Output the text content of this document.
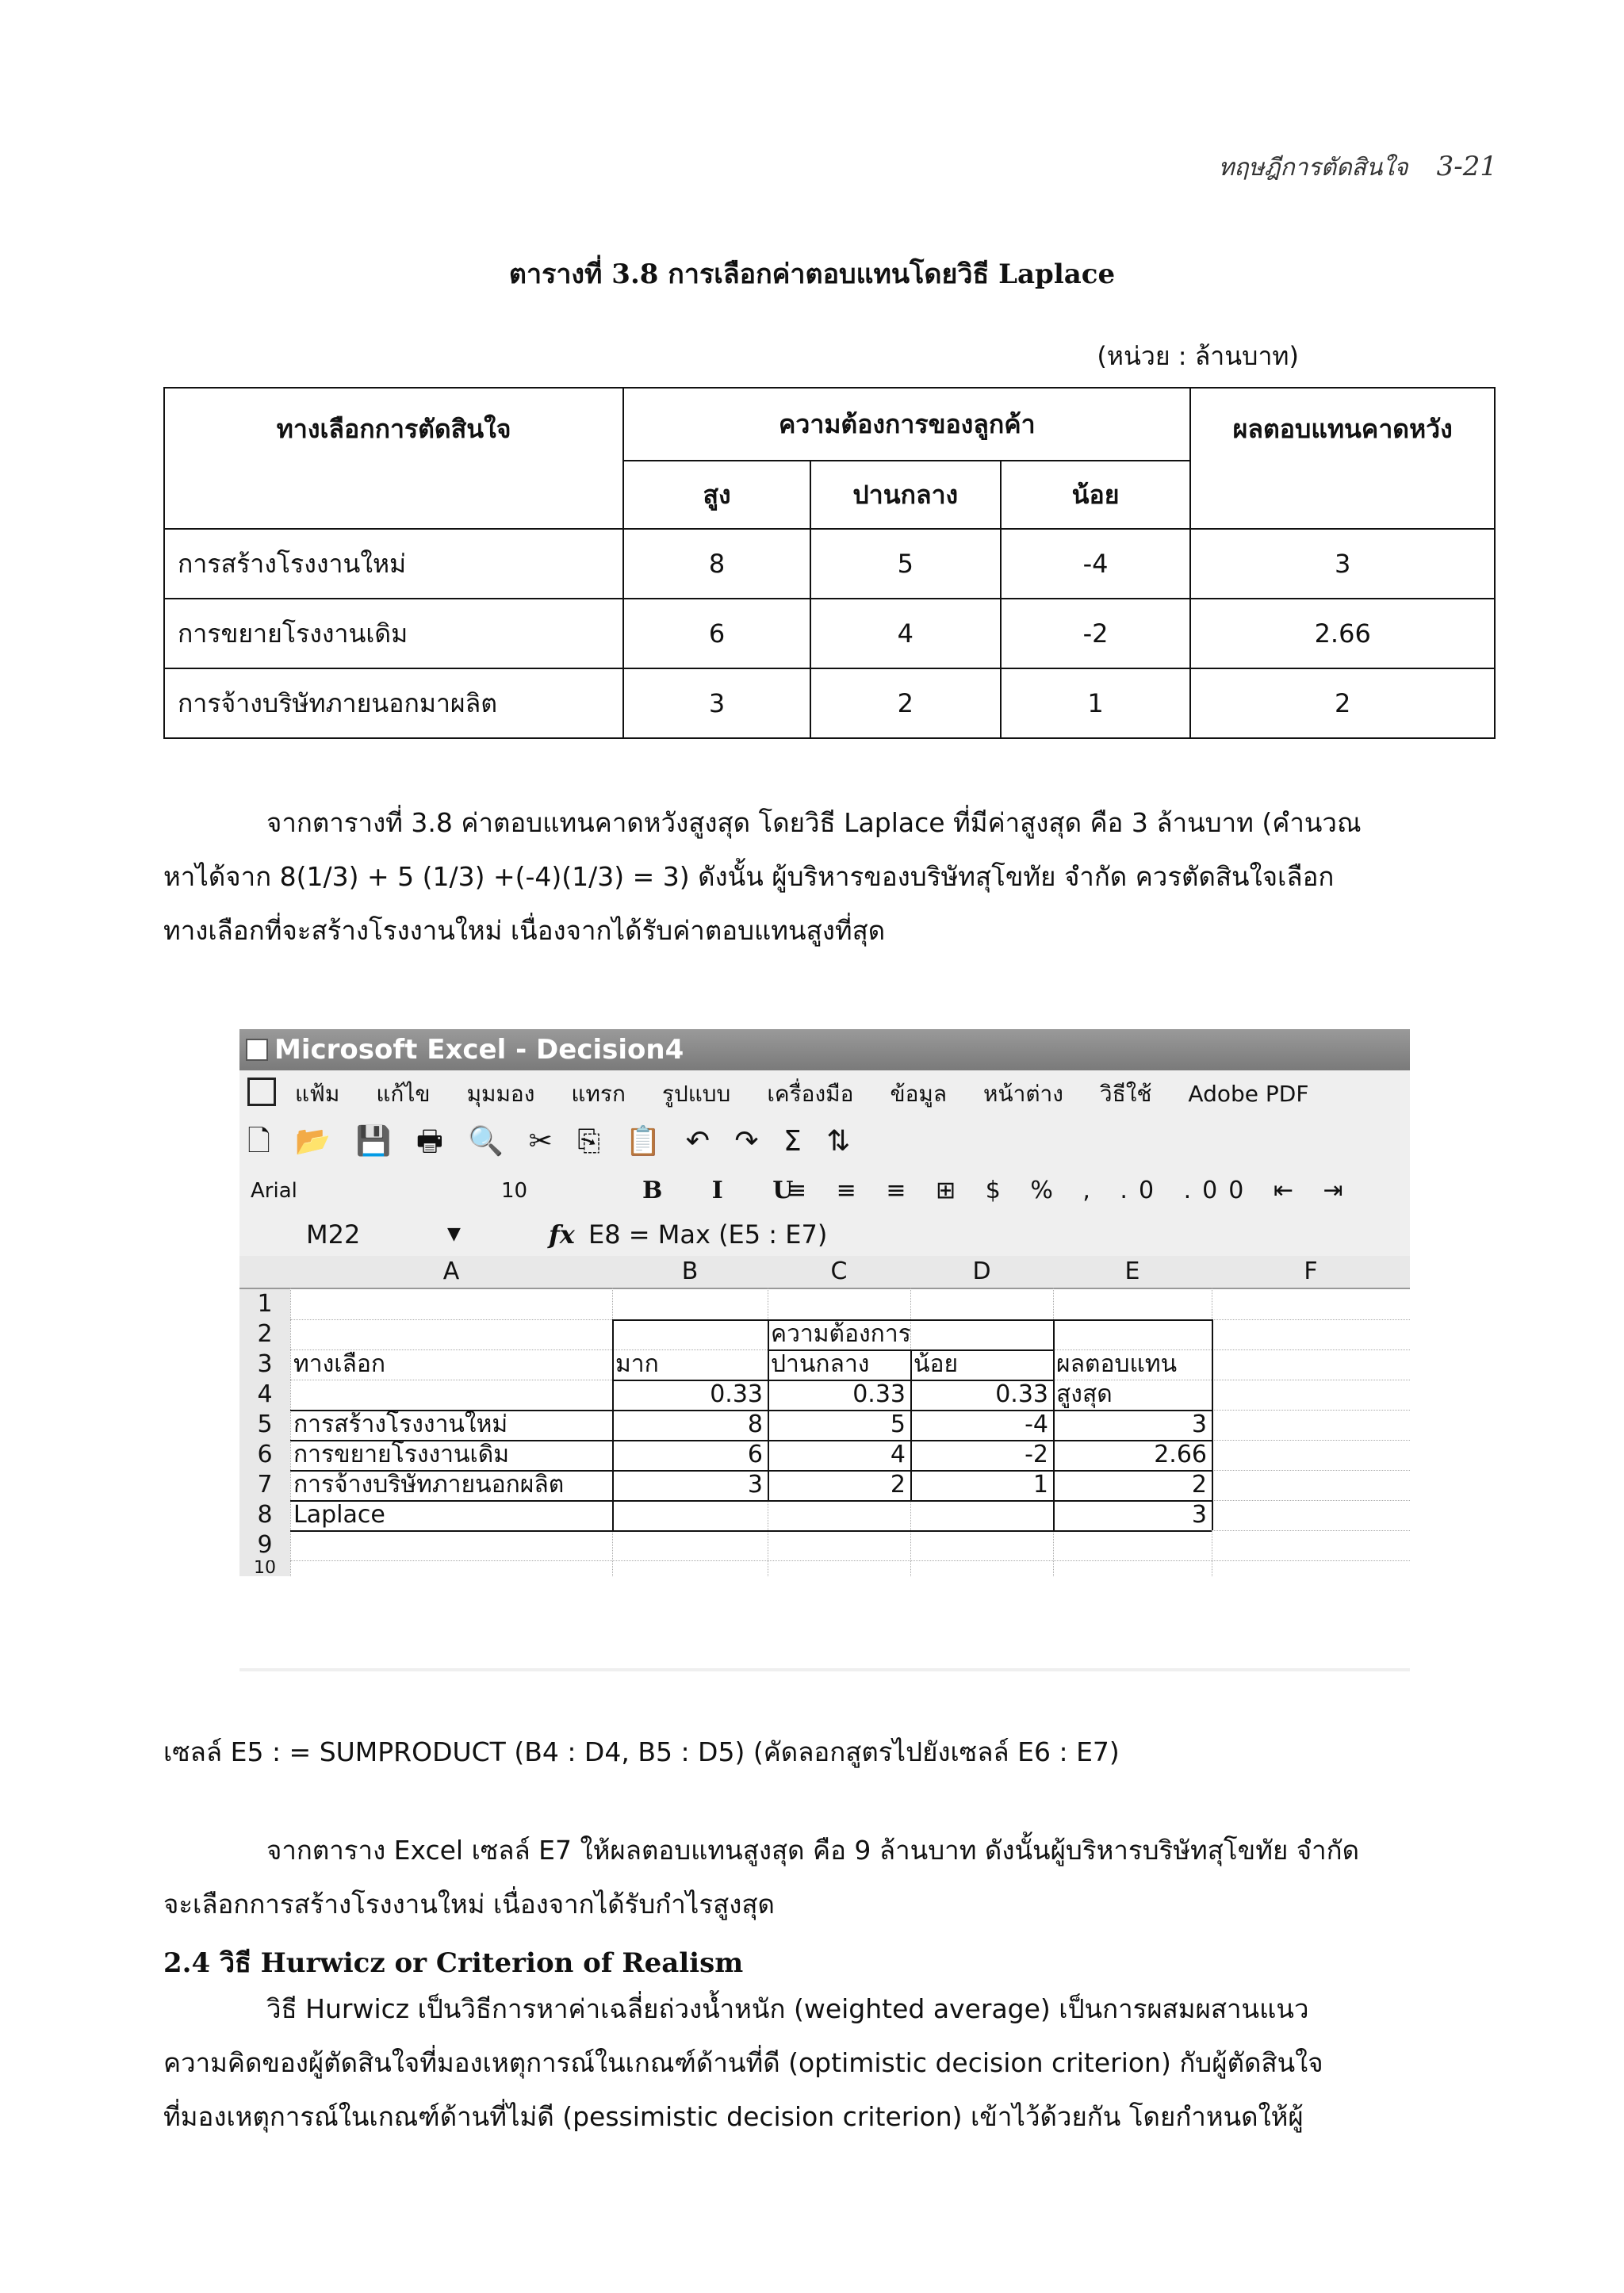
ทฤษฎีการตัดสินใจ 3-21
ตารางที่ 3.8 การเลือกค่าตอบแทนโดยวิธี Laplace
(หน่วย : ล้านบาท)
ทางเลือกการตัดสินใจ	ความต้องการของลูกค้า			ผลตอบแทนคาดหวัง
	สูง	ปานกลาง	น้อย	
การสร้างโรงงานใหม่	8	5	-4	3
การขยายโรงงานเดิม	6	4	-2	2.66
การจ้างบริษัทภายนอกมาผลิต	3	2	1	2
จากตารางที่ 3.8 ค่าตอบแทนคาดหวังสูงสุด โดยวิธี Laplace ที่มีค่าสูงสุด คือ 3 ล้านบาท (คำนวณ
หาได้จาก 8(1/3) + 5 (1/3) +(-4)(1/3) = 3) ดังนั้น ผู้บริหารของบริษัทสุโขทัย จำกัด ควรตัดสินใจเลือก
ทางเลือกที่จะสร้างโรงงานใหม่ เนื่องจากได้รับค่าตอบแทนสูงที่สุด
Microsoft Excel - Decision4
แฟ้ม แก้ไข มุมมอง แทรก รูปแบบ เครื่องมือ ข้อมูล หน้าต่าง วิธีใช้ Adobe PDF
🗋 📂 💾 🖶 🔍 ✂ ⎘ 📋 ↶ ↷ Σ ⇅
Arial	10	B I U
≡ ≡ ≡ ⊞ $ % , .0 .00 ⇤ ⇥
M22	▼	fx E8 = Max (E5 : E7)
A	B	C	D	E	F
1
2
3
4
5
6
7
8
9
10
ความต้องการ
ทางเลือก	มาก	ปานกลาง	น้อย	ผลตอบแทน
0.33	0.33	0.33 สูงสุด
การสร้างโรงงานใหม่	8	5	-4	3
การขยายโรงงานเดิม	6	4	-2	2.66
การจ้างบริษัทภายนอกผลิต	3	2	1	2
Laplace	3
เซลล์ E5 : = SUMPRODUCT (B4 : D4, B5 : D5) (คัดลอกสูตรไปยังเซลล์ E6 : E7)
จากตาราง Excel เซลล์ E7 ให้ผลตอบแทนสูงสุด คือ 9 ล้านบาท ดังนั้นผู้บริหารบริษัทสุโขทัย จำกัด
จะเลือกการสร้างโรงงานใหม่ เนื่องจากได้รับกำไรสูงสุด
2.4 วิธี Hurwicz or Criterion of Realism
วิธี Hurwicz เป็นวิธีการหาค่าเฉลี่ยถ่วงน้ำหนัก (weighted average) เป็นการผสมผสานแนว
ความคิดของผู้ตัดสินใจที่มองเหตุการณ์ในเกณฑ์ด้านที่ดี (optimistic decision criterion) กับผู้ตัดสินใจ
ที่มองเหตุการณ์ในเกณฑ์ด้านที่ไม่ดี (pessimistic decision criterion) เข้าไว้ด้วยกัน โดยกำหนดให้ผู้
